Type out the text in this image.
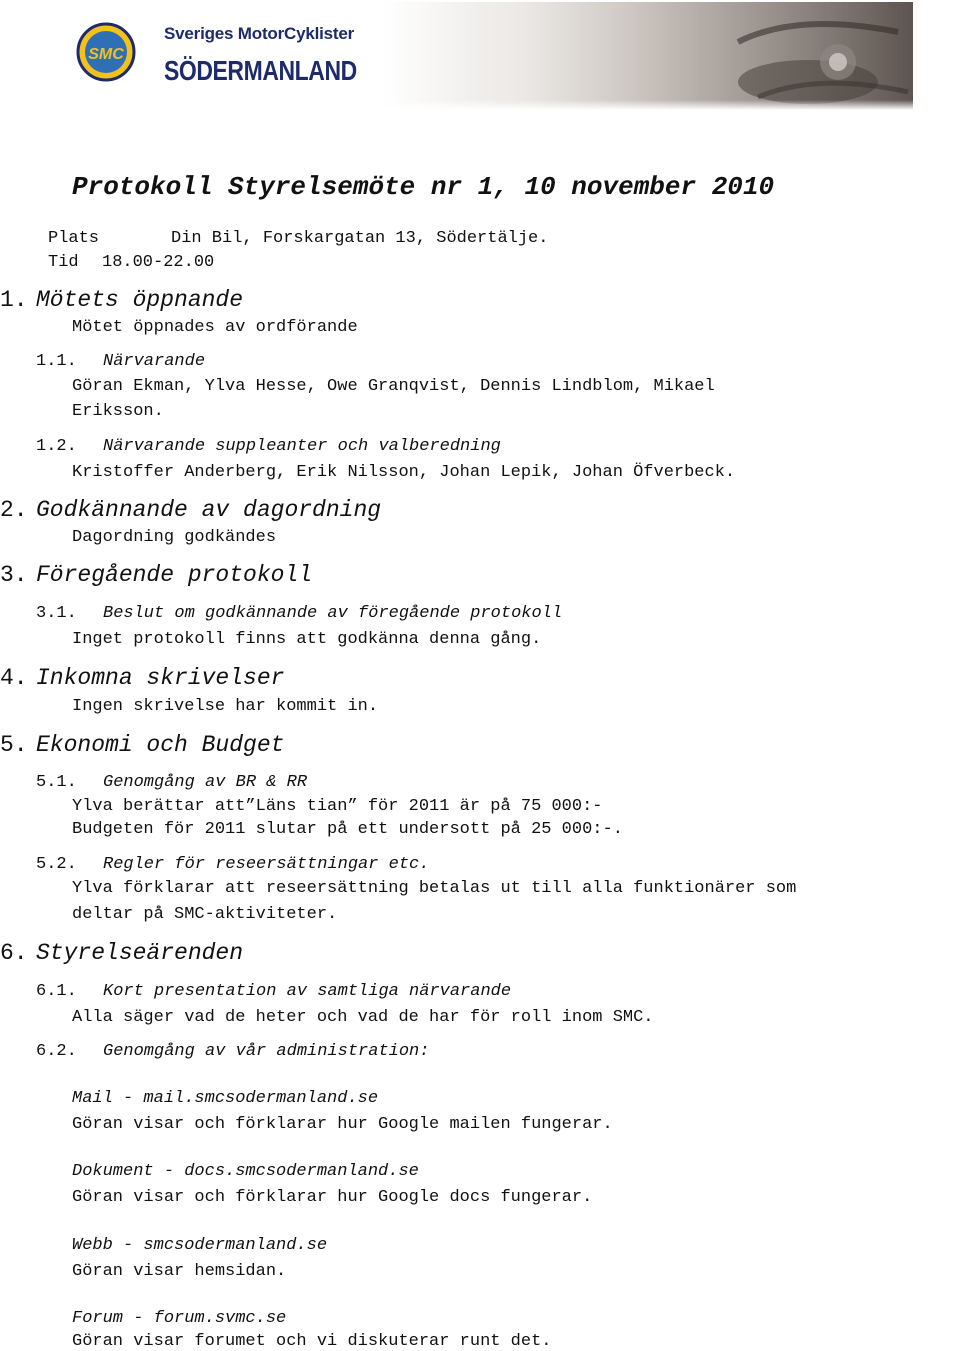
SMC
Sveriges MotorCyklister
SÖDERMANLAND
Protokoll Styrelsemöte nr 1, 10 november 2010
Plats	Din Bil, Forskargatan 13, Södertälje.
Tid 18.00-22.00
1. Mötets öppnande
Mötet öppnades av ordförande
1.1. Närvarande
Göran Ekman, Ylva Hesse, Owe Granqvist, Dennis Lindblom, Mikael
Eriksson.
1.2. Närvarande suppleanter och valberedning
Kristoffer Anderberg, Erik Nilsson, Johan Lepik, Johan Öfverbeck.
2. Godkännande av dagordning
Dagordning godkändes
3. Föregående protokoll
3.1. Beslut om godkännande av föregående protokoll
Inget protokoll finns att godkänna denna gång.
4. Inkomna skrivelser
Ingen skrivelse har kommit in.
5. Ekonomi och Budget
5.1. Genomgång av BR & RR
Ylva berättar att”Läns tian” för 2011 är på 75 000:-
Budgeten för 2011 slutar på ett undersott på 25 000:-.
5.2. Regler för reseersättningar etc.
Ylva förklarar att reseersättning betalas ut till alla funktionärer som
deltar på SMC-aktiviteter.
6. Styrelseärenden
6.1. Kort presentation av samtliga närvarande
Alla säger vad de heter och vad de har för roll inom SMC.
6.2. Genomgång av vår administration:
Mail - mail.smcsodermanland.se
Göran visar och förklarar hur Google mailen fungerar.
Dokument - docs.smcsodermanland.se
Göran visar och förklarar hur Google docs fungerar.
Webb - smcsodermanland.se
Göran visar hemsidan.
Forum - forum.svmc.se
Göran visar forumet och vi diskuterar runt det.
